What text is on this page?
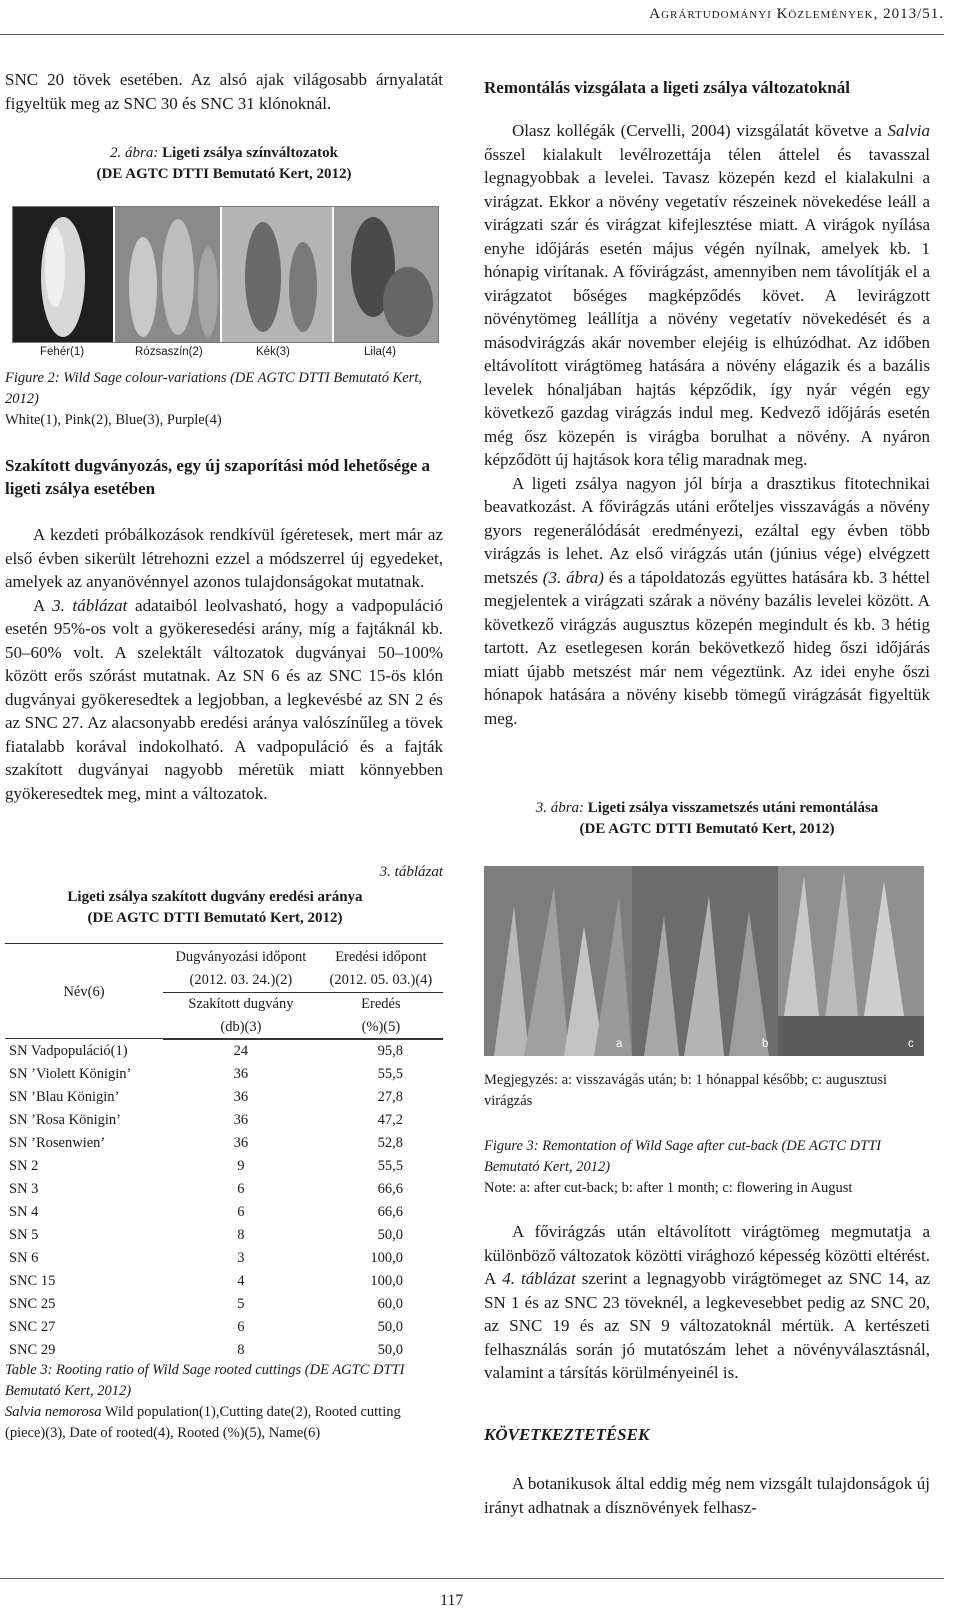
Agrártudományi Közlemények, 2013/51.

SNC 20 tövek esetében. Az alsó ajak világosabb árnyalatát figyeltük meg az SNC 30 és SNC 31 klónoknál.

2. ábra: Ligeti zsálya színváltozatok
(DE AGTC DTTI Bemutató Kert, 2012)
Fehér(1)	Rózsaszín(2)	Kék(3)	Lila(4)
Figure 2: Wild Sage colour-variations (DE AGTC DTTI Bemutató Kert, 2012)
White(1), Pink(2), Blue(3), Purple(4)
Szakított dugványozás, egy új szaporítási mód lehetősége a ligeti zsálya esetében

A kezdeti próbálkozások rendkívül ígéretesek, mert már az első évben sikerült létrehozni ezzel a módszerrel új egyedeket, amelyek az anyanövénnyel azonos tulajdonságokat mutatnak.

A 3. táblázat adataiból leolvasható, hogy a vadpopuláció esetén 95%-os volt a gyökeresedési arány, míg a fajtáknál kb. 50–60% volt. A szelektált változatok dugványai 50–100% között erős szórást mutatnak. Az SN 6 és az SNC 15-ös klón dugványai gyökeresedtek a legjobban, a legkevésbé az SN 2 és az SNC 27. Az alacsonyabb eredési aránya valószínűleg a tövek fiatalabb korával indokolható. A vadpopuláció és a fajták szakított dugványai nagyobb méretük miatt könnyebben gyökeresedtek meg, mint a változatok.

3. táblázat
Ligeti zsálya szakított dugvány eredési aránya
(DE AGTC DTTI Bemutató Kert, 2012)
Név(6)	Dugványozási időpont	Eredési időpont
	(2012. 03. 24.)(2)	(2012. 05. 03.)(4)
	Szakított dugvány	Eredés
	(db)(3)	(%)(5)
SN Vadpopuláció(1)	24	95,8
SN ’Violett Königin’	36	55,5
SN ’Blau Königin’	36	27,8
SN ’Rosa Königin’	36	47,2
SN ’Rosenwien’	36	52,8
SN 2	9	55,5
SN 3	6	66,6
SN 4	6	66,6
SN 5	8	50,0
SN 6	3	100,0
SNC 15	4	100,0
SNC 25	5	60,0
SNC 27	6	50,0
SNC 29	8	50,0
Table 3: Rooting ratio of Wild Sage rooted cuttings (DE AGTC DTTI Bemutató Kert, 2012)
Salvia nemorosa Wild population(1),Cutting date(2), Rooted cutting (piece)(3), Date of rooted(4), Rooted (%)(5), Name(6)
Remontálás vizsgálata a ligeti zsálya változatoknál

Olasz kollégák (Cervelli, 2004) vizsgálatát követve a Salvia ősszel kialakult levélrozettája télen áttelel és tavasszal legnagyobbak a levelei. Tavasz közepén kezd el kialakulni a virágzat. Ekkor a növény vegetatív részeinek növekedése leáll a virágzati szár és virágzat kifejlesztése miatt. A virágok nyílása enyhe időjárás esetén május végén nyílnak, amelyek kb. 1 hónapig virítanak. A fővirágzást, amennyiben nem távolítják el a virágzatot bőséges magképződés követ. A levirágzott növénytömeg leállítja a növény vegetatív növekedését és a másodvirágzás akár november elejéig is elhúzódhat. Az időben eltávolított virágtömeg hatására a növény elágazik és a bazális levelek hónaljában hajtás képződik, így nyár végén egy következő gazdag virágzás indul meg. Kedvező időjárás esetén még ősz közepén is virágba borulhat a növény. A nyáron képződött új hajtások kora télig maradnak meg.

A ligeti zsálya nagyon jól bírja a drasztikus fitotechnikai beavatkozást. A fővirágzás utáni erőteljes visszavágás a növény gyors regenerálódását eredményezi, ezáltal egy évben több virágzás is lehet. Az első virágzás után (június vége) elvégzett metszés (3. ábra) és a tápoldatozás együttes hatására kb. 3 héttel megjelentek a virágzati szárak a növény bazális levelei között. A következő virágzás augusztus közepén megindult és kb. 3 hétig tartott. Az esetlegesen korán bekövetkező hideg őszi időjárás miatt újabb metszést már nem végeztünk. Az idei enyhe őszi hónapok hatására a növény kisebb tömegű virágzását figyeltük meg.

3. ábra: Ligeti zsálya visszametszés utáni remontálása
(DE AGTC DTTI Bemutató Kert, 2012)
a	b	c
Megjegyzés: a: visszavágás után; b: 1 hónappal később; c: augusztusi virágzás
Figure 3: Remontation of Wild Sage after cut-back (DE AGTC DTTI Bemutató Kert, 2012)
Note: a: after cut-back; b: after 1 month; c: flowering in August

A fővirágzás után eltávolított virágtömeg megmutatja a különböző változatok közötti virághozó képesség közötti eltérést. A 4. táblázat szerint a legnagyobb virágtömeget az SNC 14, az SN 1 és az SNC 23 töveknél, a legkevesebbet pedig az SNC 20, az SNC 19 és az SN 9 változatoknál mértük. A kertészeti felhasználás során jó mutatószám lehet a növényválasztásnál, valamint a társítás körülményeinél is.

KÖVETKEZTETÉSEK

A botanikusok által eddig még nem vizsgált tulajdonságok új irányt adhatnak a dísznövények felhasz-

117
